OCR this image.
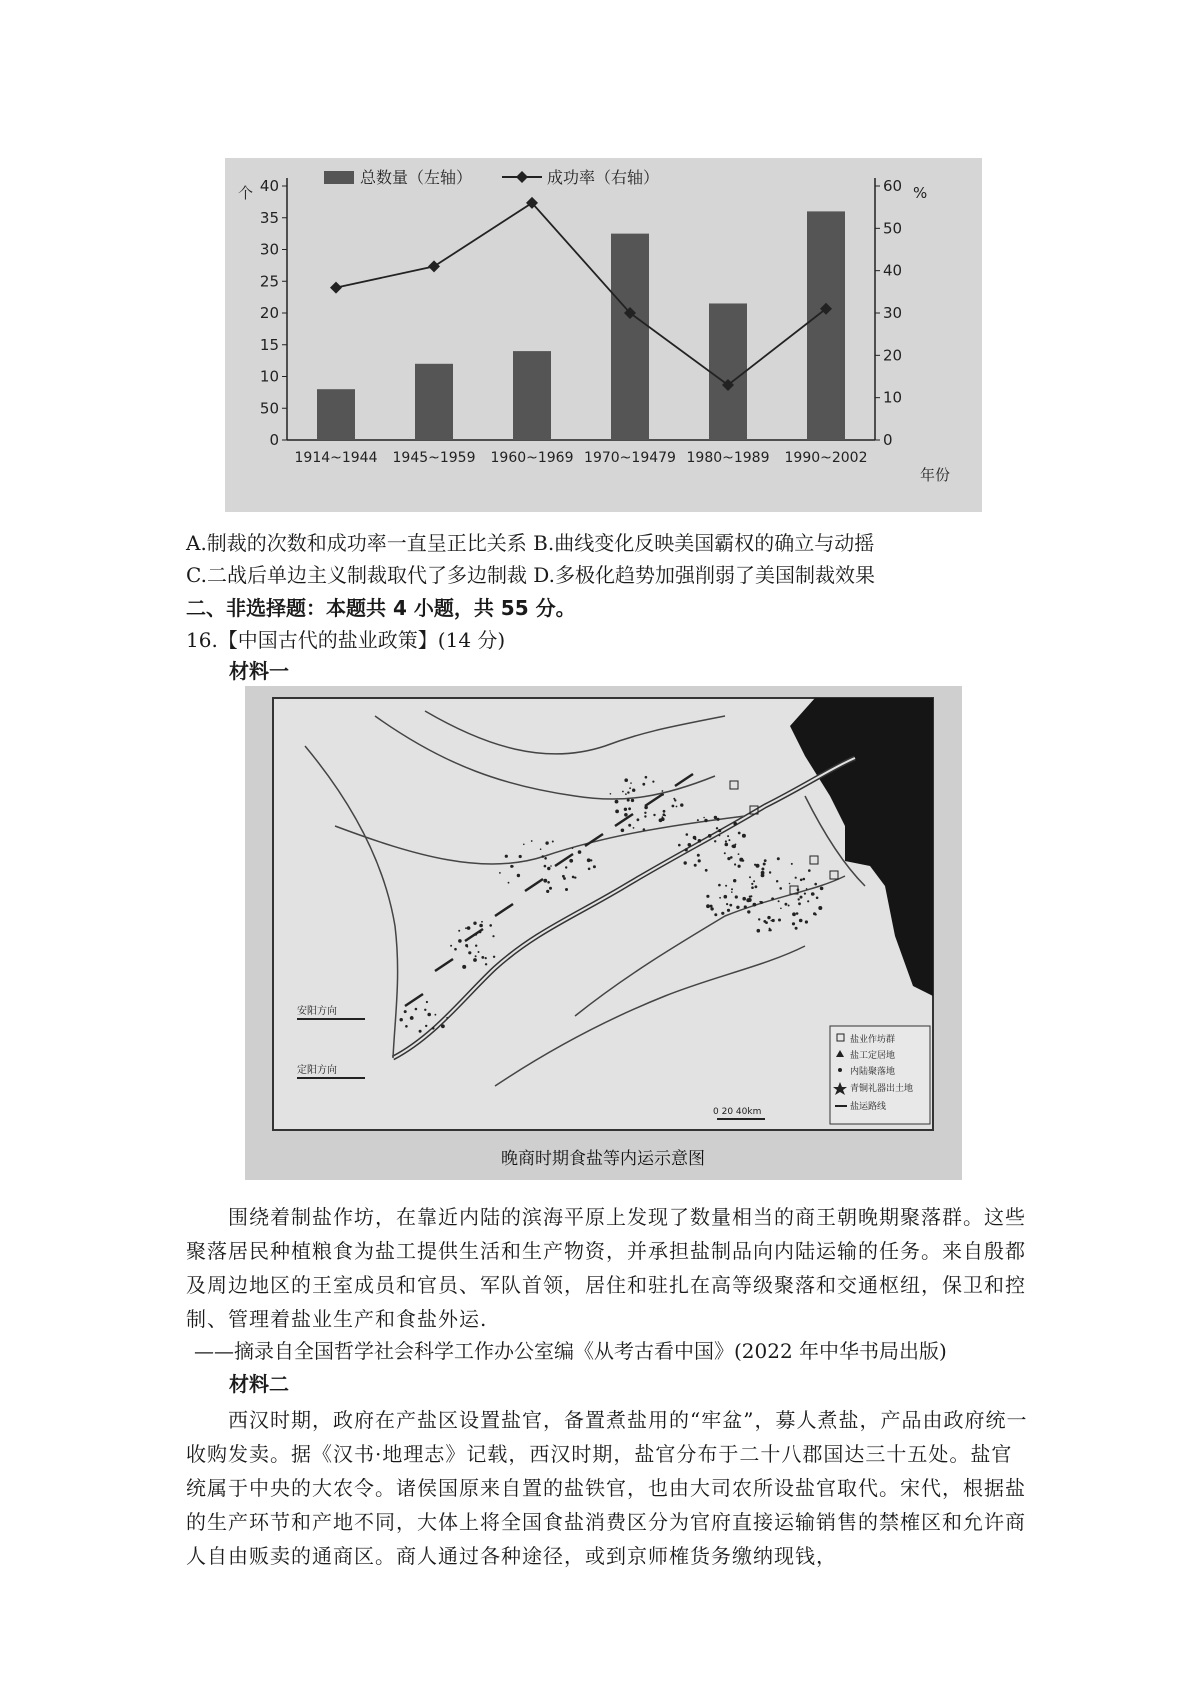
总数量（左轴）	成功率（右轴）
个	%
年份
0
50
10
15
20
25
30
35
40
0
10
20
30
40
50
60
1914~1944 1945~1959 1960~1969 1970~19479 1980~1989 1990~2002
A.制裁的次数和成功率一直呈正比关系 B.曲线变化反映美国霸权的确立与动摇
C.二战后单边主义制裁取代了多边制裁 D.多极化趋势加强削弱了美国制裁效果
二、非选择题：本题共 4 小题，共 55 分。
16.【中国古代的盐业政策】(14 分)
材料一
安阳方向
定阳方向
盐业作坊群
盐工定居地
内陆聚落地
青铜礼器出土地
盐运路线
0 20 40km
晚商时期食盐等内运示意图
围绕着制盐作坊，在靠近内陆的滨海平原上发现了数量相当的商王朝晚期聚落群。这些聚落居民种植粮食为盐工提供生活和生产物资，并承担盐制品向内陆运输的任务。来自殷都及周边地区的王室成员和官员、军队首领，居住和驻扎在高等级聚落和交通枢纽，保卫和控制、管理着盐业生产和食盐外运.
——摘录自全国哲学社会科学工作办公室编《从考古看中国》(2022 年中华书局出版)
材料二
西汉时期，政府在产盐区设置盐官，备置煮盐用的“牢盆”，募人煮盐，产品由政府统一收购发卖。据《汉书·地理志》记载，西汉时期，盐官分布于二十八郡国达三十五处。盐官统属于中央的大农令。诸侯国原来自置的盐铁官，也由大司农所设盐官取代。宋代，根据盐的生产环节和产地不同，大体上将全国食盐消费区分为官府直接运输销售的禁榷区和允许商人自由贩卖的通商区。商人通过各种途径，或到京师榷货务缴纳现钱，
